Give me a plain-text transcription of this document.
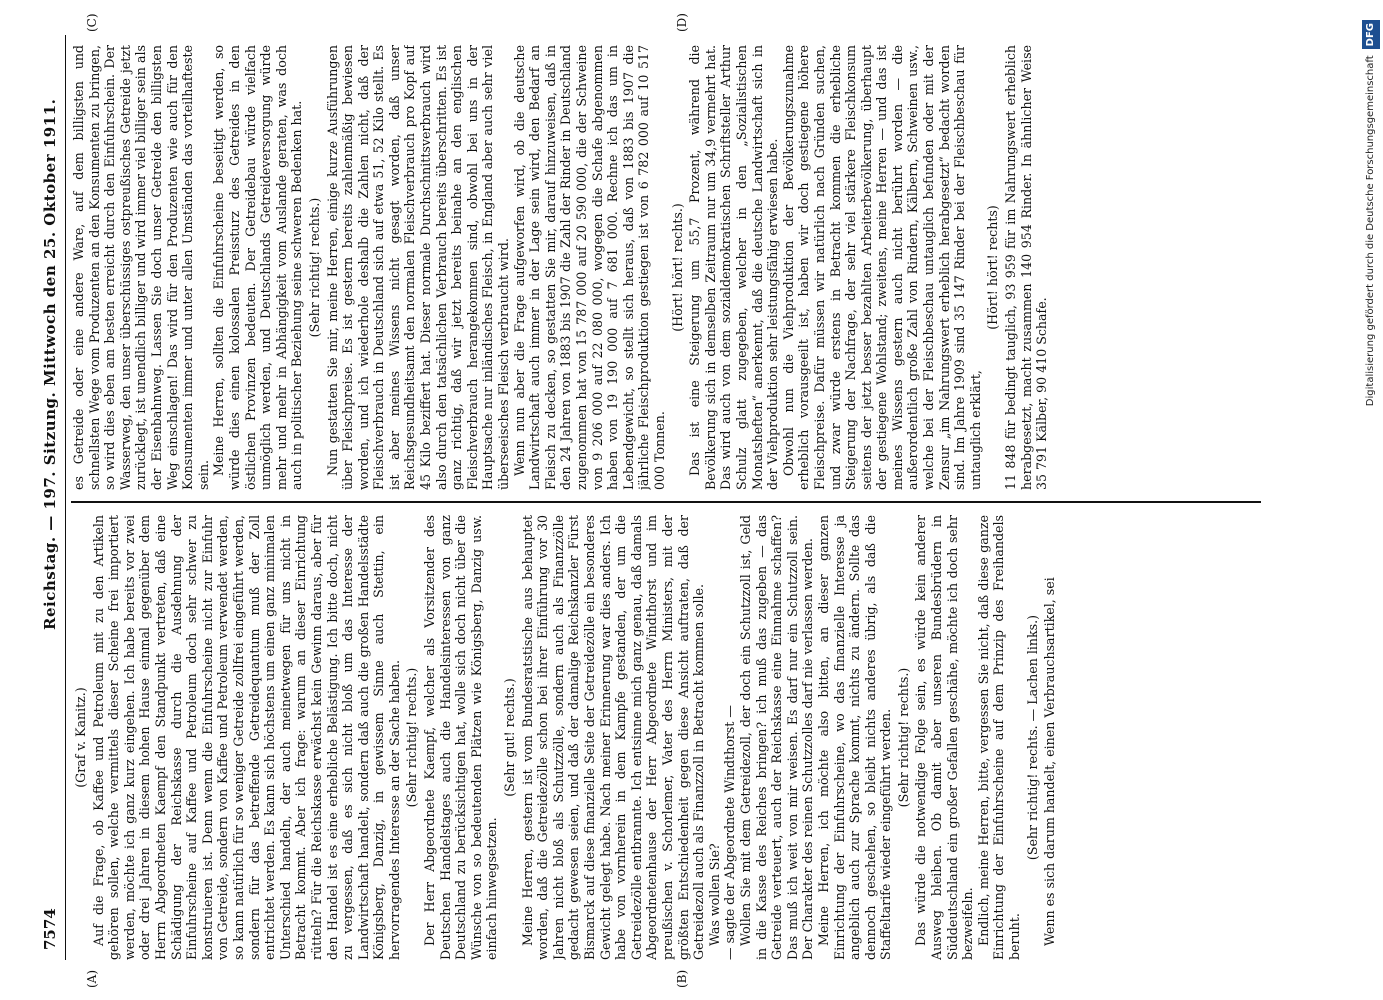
7574
Reichstag. — 197. Sitzung. Mittwoch den 25. Oktober 1911.
(A)	(B)
(C)	(D)

(Graf v. Kanitz.) Auf die Frage, ob Kaffee und Petroleum mit zu den Artikeln gehören sollen, welche vermittels dieser Scheine frei importiert werden, möchte ich ganz kurz eingehen. Ich habe bereits vor zwei oder drei Jahren in diesem hohen Hause einmal gegenüber dem Herrn Abgeordneten Kaempf den Standpunkt vertreten, daß eine Schädigung der Reichskasse durch die Ausdehnung der Einfuhrscheine auf Kaffee und Petroleum doch sehr schwer zu konstruieren ist. Denn wenn die Einfuhrscheine nicht zur Einfuhr von Getreide, sondern von Kaffee und Petroleum verwendet werden, so kann natürlich für so weniger Getreide zollfrei eingeführt werden, sondern für das betreffende Getreidequantum muß der Zoll entrichtet werden. Es kann sich höchstens um einen ganz minimalen Unterschied handeln, der auch meinetwegen für uns nicht in Betracht kommt. Aber ich frage: warum an dieser Einrichtung rütteln? Für die Reichskasse erwächst kein Gewinn daraus, aber für den Handel ist es eine erhebliche Belästigung. Ich bitte doch, nicht zu vergessen, daß es sich nicht bloß um das Interesse der Landwirtschaft handelt, sondern daß auch die großen Handelsstädte Königsberg, Danzig, in gewissem Sinne auch Stettin, ein hervorragendes Interesse an der Sache haben. (Sehr richtig! rechts.) Der Herr Abgeordnete Kaempf, welcher als Vorsitzender des Deutschen Handelstages auch die Handelsinteressen von ganz Deutschland zu berücksichtigen hat, wolle sich doch nicht über die Wünsche von so bedeutenden Plätzen wie Königsberg, Danzig usw. einfach hinwegsetzen.

(Sehr gut! rechts.) Meine Herren, gestern ist vom Bundesratstische aus behauptet worden, daß die Getreidezölle schon bei ihrer Einführung vor 30 Jahren nicht bloß als Schutzzölle, sondern auch als Finanzzölle gedacht gewesen seien, und daß der damalige Reichskanzler Fürst Bismarck auf diese finanzielle Seite der Getreidezölle ein besonderes Gewicht gelegt habe. Nach meiner Erinnerung war dies anders. Ich habe von vornherein in dem Kampfe gestanden, der um die Getreidezölle entbrannte. Ich entsinne mich ganz genau, daß damals Abgeordnetenhause der Herr Abgeordnete Windthorst und im preußischen v. Schorlemer, Vater des Herrn Ministers, mit der größten Entschiedenheit gegen diese Ansicht auftraten, daß der Getreidezoll auch als Finanzzoll in Betracht kommen solle. Was wollen Sie? — sagte der Abgeordnete Windthorst — Wollen Sie mit dem Getreidezoll, der doch ein Schutzzoll ist, Geld in die Kasse des Reiches bringen? ich muß das zugeben — das Getreide verteuert, auch der Reichskasse eine Einnahme schaffen? Das muß ich weit von mir weisen. Es darf nur ein Schutzzoll sein. Der Charakter des reinen Schutzzolles darf nie verlassen werden. Meine Herren, ich möchte also bitten, an dieser ganzen Einrichtung der Einfuhrscheine, wo das finanzielle Interesse ja angeblich auch zur Sprache kommt, nichts zu ändern. Sollte das dennoch geschehen, so bleibt nichts anderes übrig, als daß die Staffeltarife wieder eingeführt werden. (Sehr richtig! rechts.) Das würde die notwendige Folge sein, es würde kein anderer Ausweg bleiben. Ob damit aber unseren Bundesbrüdern in Süddeutschland ein großer Gefallen geschähe, möchte ich doch sehr bezweifeln. Endlich, meine Herren, bitte, vergessen Sie nicht, daß diese ganze Einrichtung der Einfuhrscheine auf dem Prinzip des Freihandels beruht.

(Sehr richtig! rechts. — Lachen links.) Wenn es sich darum handelt, einen Verbrauchsartikel, sei

es Getreide oder eine andere Ware, auf dem billigsten und schnellsten Wege vom Produzenten an den Konsumenten zu bringen, so wird dies eben am besten erreicht durch den Einfuhrschein. Der Wasserweg, den unser überschüssiges ostpreußisches Getreide jetzt zurücklegt, ist unendlich billiger und wird immer viel billiger sein als der Eisenbahnweg. Lassen Sie doch unser Getreide den billigsten Weg einschlagen! Das wird für den Produzenten wie auch für den Konsumenten immer und unter allen Umständen das vorteilhafteste sein. Meine Herren, sollten die Einfuhrscheine beseitigt werden, so würde dies einen kolossalen Preissturz des Getreides in den östlichen Provinzen bedeuten. Der Getreidebau würde vielfach unmöglich werden, und Deutschlands Getreideversorgung würde mehr und mehr in Abhängigkeit vom Auslande geraten, was doch auch in politischer Beziehung seine schweren Bedenken hat. (Sehr richtig! rechts.) Nun gestatten Sie mir, meine Herren, einige kurze Ausführungen über Fleischpreise. Es ist gestern bereits zahlenmäßig bewiesen worden, und ich wiederhole deshalb die Zahlen nicht, daß der Fleischverbrauch in Deutschland sich auf etwa 51, 52 Kilo stellt. Es ist aber meines Wissens nicht gesagt worden, daß unser Reichsgesundheitsamt den normalen Fleischverbrauch pro Kopf auf 45 Kilo beziffert hat. Dieser normale Durchschnittsverbrauch wird also durch den tatsächlichen Verbrauch bereits überschritten. Es ist ganz richtig, daß wir jetzt bereits beinahe an den englischen Fleischverbrauch herangekommen sind, obwohl bei uns in der Hauptsache nur inländisches Fleisch, in England aber auch sehr viel überseeisches Fleisch verbraucht wird. Wenn nun aber die Frage aufgeworfen wird, ob die deutsche Landwirtschaft auch immer in der Lage sein wird, den Bedarf an Fleisch zu decken, so gestatten Sie mir, darauf hinzuweisen, daß in den 24 Jahren von 1883 bis 1907 die Zahl der Rinder in Deutschland zugenommen hat von 15 787 000 auf 20 590 000, die der Schweine von 9 206 000 auf 22 080 000, wogegen die Schafe abgenommen haben von 19 190 000 auf 7 681 000. Rechne ich das um in Lebendgewicht, so stellt sich heraus, daß von 1883 bis 1907 die jährliche Fleischproduktion gestiegen ist von 6 782 000 auf 10 517 000 Tonnen.

(Hört! hört! rechts.) Das ist eine Steigerung um 55,7 Prozent, während die Bevölkerung sich in demselben Zeitraum nur um 34,9 vermehrt hat. Das wird auch von dem sozialdemokratischen Schriftsteller Arthur Schulz glatt zugegeben, welcher in den „Sozialistischen Monatsheften“ anerkennt, daß die deutsche Landwirtschaft sich in der Viehproduktion sehr leistungsfähig erwiesen habe. Obwohl nun die Viehproduktion der Bevölkerungszunahme erheblich vorausgeeilt ist, haben wir doch gestiegene höhere Fleischpreise. Dafür müssen wir natürlich nach Gründen suchen, und zwar würde erstens in Betracht kommen die erhebliche Steigerung der Nachfrage, der sehr viel stärkere Fleischkonsum seitens der jetzt besser bezahlten Arbeiterbevölkerung, überhaupt der gestiegene Wohlstand; zweitens, meine Herren — und das ist meines Wissens gestern auch nicht berührt worden — die außerordentlich große Zahl von Rindern, Kälbern, Schweinen usw., welche bei der Fleischbeschau untauglich befunden oder mit der Zensur „im Nahrungswert erheblich herabgesetzt“ bedacht worden sind. Im Jahre 1909 sind 35 147 Rinder bei der Fleischbeschau für untauglich erklärt,

(Hört! hört! rechts) 11 848 für bedingt tauglich, 93 959 für im Nahrungswert erheblich herabgesetzt, macht zusammen 140 954 Rinder. In ähnlicher Weise 35 791 Kälber, 90 410 Schafe.	Digitalisierung gefördert durch die Deutsche ForschungsgemeinschaftDFG
